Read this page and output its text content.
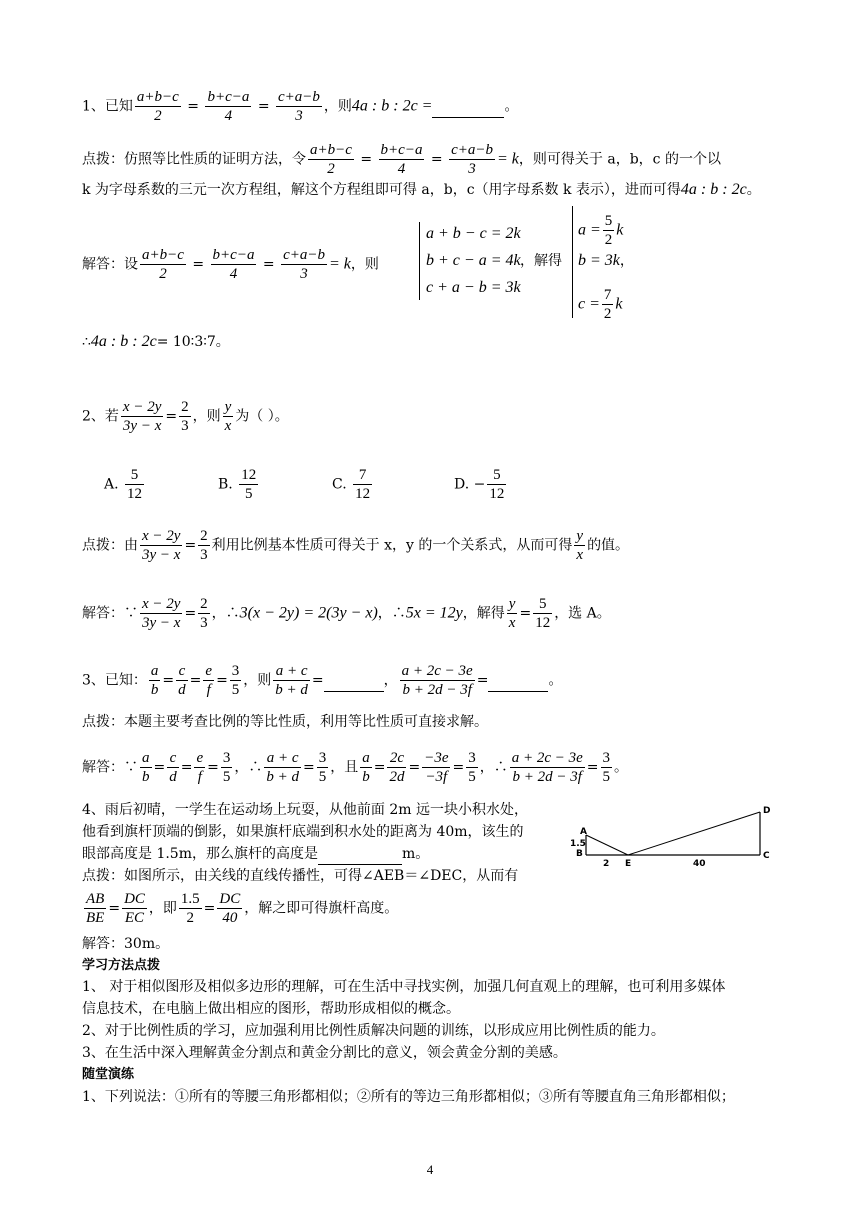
1、已知 $\frac{a+b-c}{2} = \frac{b+c-a}{4} = \frac{c+a-b}{3}$ ，则4a : b : 2c =	。
点拨：仿照等比性质的证明方法，令 $\frac{a+b-c}{2} = \frac{b+c-a}{4} = \frac{c+a-b}{3} = k$，则可得关于 a，b，c 的一个以
k 为字母系数的三元一次方程组，解这个方程组即可得 a，b，c（用字母系数 k 表示），进而可得4a : b : 2c。
解答：设 $\frac{a+b-c}{2} = \frac{b+c-a}{4} = \frac{c+a-b}{3} = k$，则
a + b − c = 2k
b + c − a = 4k
c + a − b = 3k
，解得
$a = \frac{5}{2}$ k
b = 3k，
$c = \frac{7}{2}$ k
∴4a : b : 2c= 10∶3∶7。
2、若 $\frac{x - 2y}{3y - x} = \frac{2}{3}$ ，则 $\frac{y}{x}$ 为（ ）。
A. $\frac{5}{12}$	B. $\frac{12}{5}$	C. $\frac{7}{12}$	D. − $\frac{5}{12}$
点拨：由 $\frac{x - 2y}{3y - x} = \frac{2}{3}$ 利用比例基本性质可得关于 x，y 的一个关系式，从而可得 $\frac{y}{x}$ 的值。
解答：∵ $\frac{x - 2y}{3y - x} = \frac{2}{3}$ ，∴3(x − 2y) = 2(3y − x)，∴5x = 12y，解得 $\frac{y}{x} = \frac{5}{12}$ ，选 A。
3、已知： $\frac{a}{b} = \frac{c}{d} = \frac{e}{f} = \frac{3}{5}$ ，则 $\frac{a + c}{b + d}$ =	， $\frac{a + 2c - 3e}{b + 2d - 3f}$ =	。
点拨：本题主要考查比例的等比性质，利用等比性质可直接求解。
解答：∵ $\frac{a}{b} = \frac{c}{d} = \frac{e}{f} = \frac{3}{5}$ ，∴ $\frac{a + c}{b + d} = \frac{3}{5}$ ，且 $\frac{a}{b} = \frac{2c}{2d} = \frac{-3e}{-3f} = \frac{3}{5}$ ，∴ $\frac{a + 2c - 3e}{b + 2d - 3f} = \frac{3}{5}$ 。
4、雨后初晴，一学生在运动场上玩耍，从他前面 2m 远一块小积水处，
他看到旗杆顶端的倒影，如果旗杆底端到积水处的距离为 40m，该生的
眼部高度是 1.5m，那么旗杆的高度是	m。
点拨：如图所示，由关线的直线传播性，可得∠AEB＝∠DEC，从而有
$\frac{AB}{BE} = \frac{DC}{EC}$ ，即 $\frac{1.5}{2} = \frac{DC}{40}$ ，解之即可得旗杆高度。
解答：30m。
A
B
1.5
E
2	40
D
C
学习方法点拨
1、 对于相似图形及相似多边形的理解，可在生活中寻找实例，加强几何直观上的理解，也可利用多媒体
信息技术，在电脑上做出相应的图形，帮助形成相似的概念。
2、对于比例性质的学习，应加强利用比例性质解决问题的训练，以形成应用比例性质的能力。
3、在生活中深入理解黄金分割点和黄金分割比的意义，领会黄金分割的美感。
随堂演练
1、下列说法：①所有的等腰三角形都相似；②所有的等边三角形都相似；③所有等腰直角三角形都相似；
4
